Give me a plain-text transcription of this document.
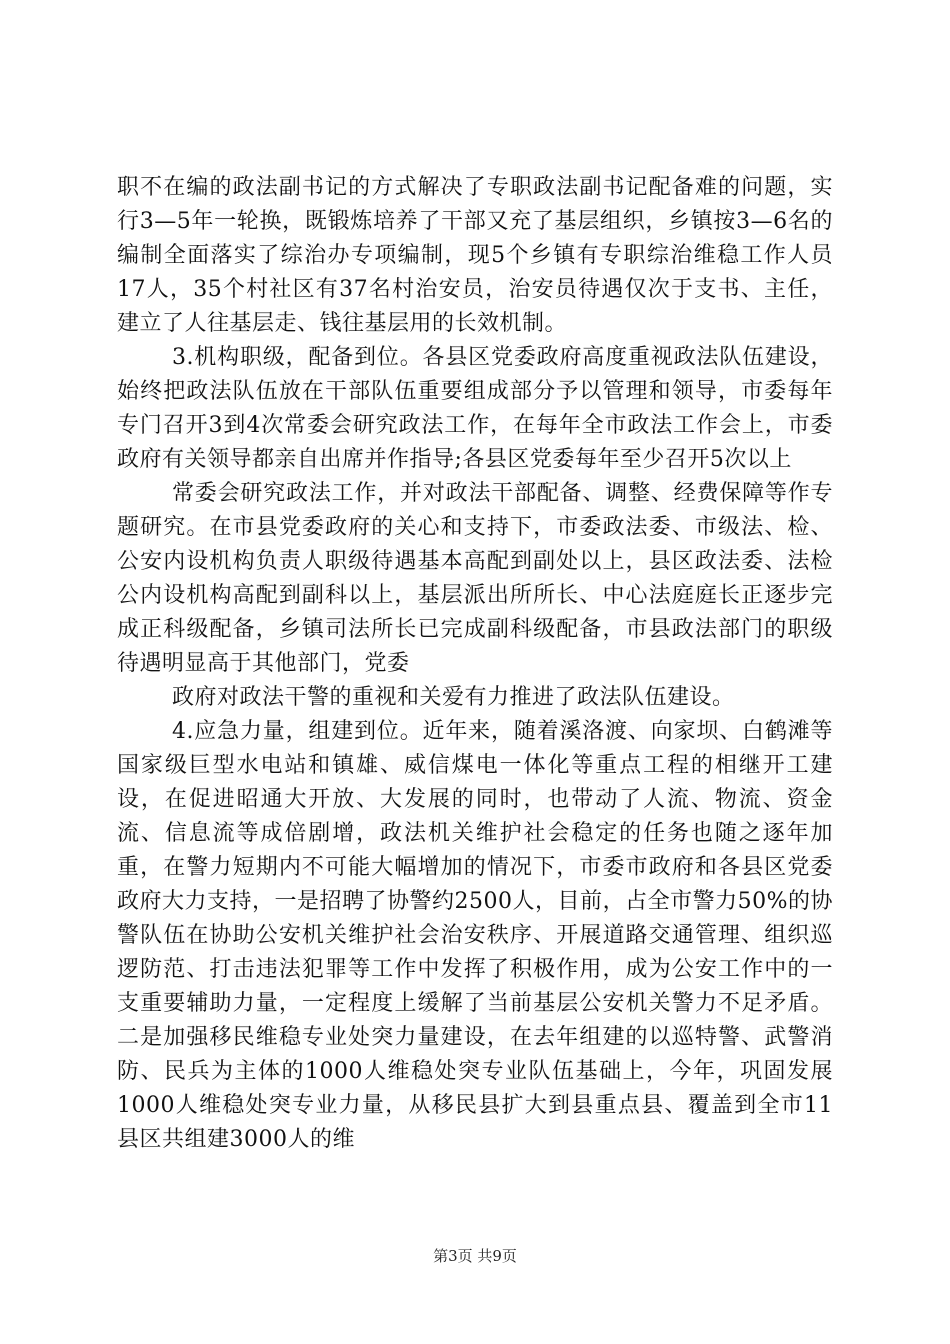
职不在编的政法副书记的方式解决了专职政法副书记配备难的问题，实行3—5年一轮换，既锻炼培养了干部又充了基层组织，乡镇按3—6名的编制全面落实了综治办专项编制，现5个乡镇有专职综治维稳工作人员17人，35个村社区有37名村治安员，治安员待遇仅次于支书、主任，建立了人往基层走、钱往基层用的长效机制。

3.机构职级，配备到位。各县区党委政府高度重视政法队伍建设，始终把政法队伍放在干部队伍重要组成部分予以管理和领导，市委每年专门召开3到4次常委会研究政法工作，在每年全市政法工作会上，市委政府有关领导都亲自出席并作指导;各县区党委每年至少召开5次以上

常委会研究政法工作，并对政法干部配备、调整、经费保障等作专题研究。在市县党委政府的关心和支持下，市委政法委、市级法、检、公安内设机构负责人职级待遇基本高配到副处以上，县区政法委、法检公内设机构高配到副科以上，基层派出所所长、中心法庭庭长正逐步完成正科级配备，乡镇司法所长已完成副科级配备，市县政法部门的职级待遇明显高于其他部门，党委

政府对政法干警的重视和关爱有力推进了政法队伍建设。

4.应急力量，组建到位。近年来，随着溪洛渡、向家坝、白鹤滩等国家级巨型水电站和镇雄、威信煤电一体化等重点工程的相继开工建设，在促进昭通大开放、大发展的同时，也带动了人流、物流、资金流、信息流等成倍剧增，政法机关维护社会稳定的任务也随之逐年加重，在警力短期内不可能大幅增加的情况下，市委市政府和各县区党委政府大力支持，一是招聘了协警约2500人，目前，占全市警力50%的协警队伍在协助公安机关维护社会治安秩序、开展道路交通管理、组织巡逻防范、打击违法犯罪等工作中发挥了积极作用，成为公安工作中的一支重要辅助力量，一定程度上缓解了当前基层公安机关警力不足矛盾。二是加强移民维稳专业处突力量建设，在去年组建的以巡特警、武警消防、民兵为主体的1000人维稳处突专业队伍基础上，今年，巩固发展1000人维稳处突专业力量，从移民县扩大到县重点县、覆盖到全市11县区共组建3000人的维

第3页 共9页
